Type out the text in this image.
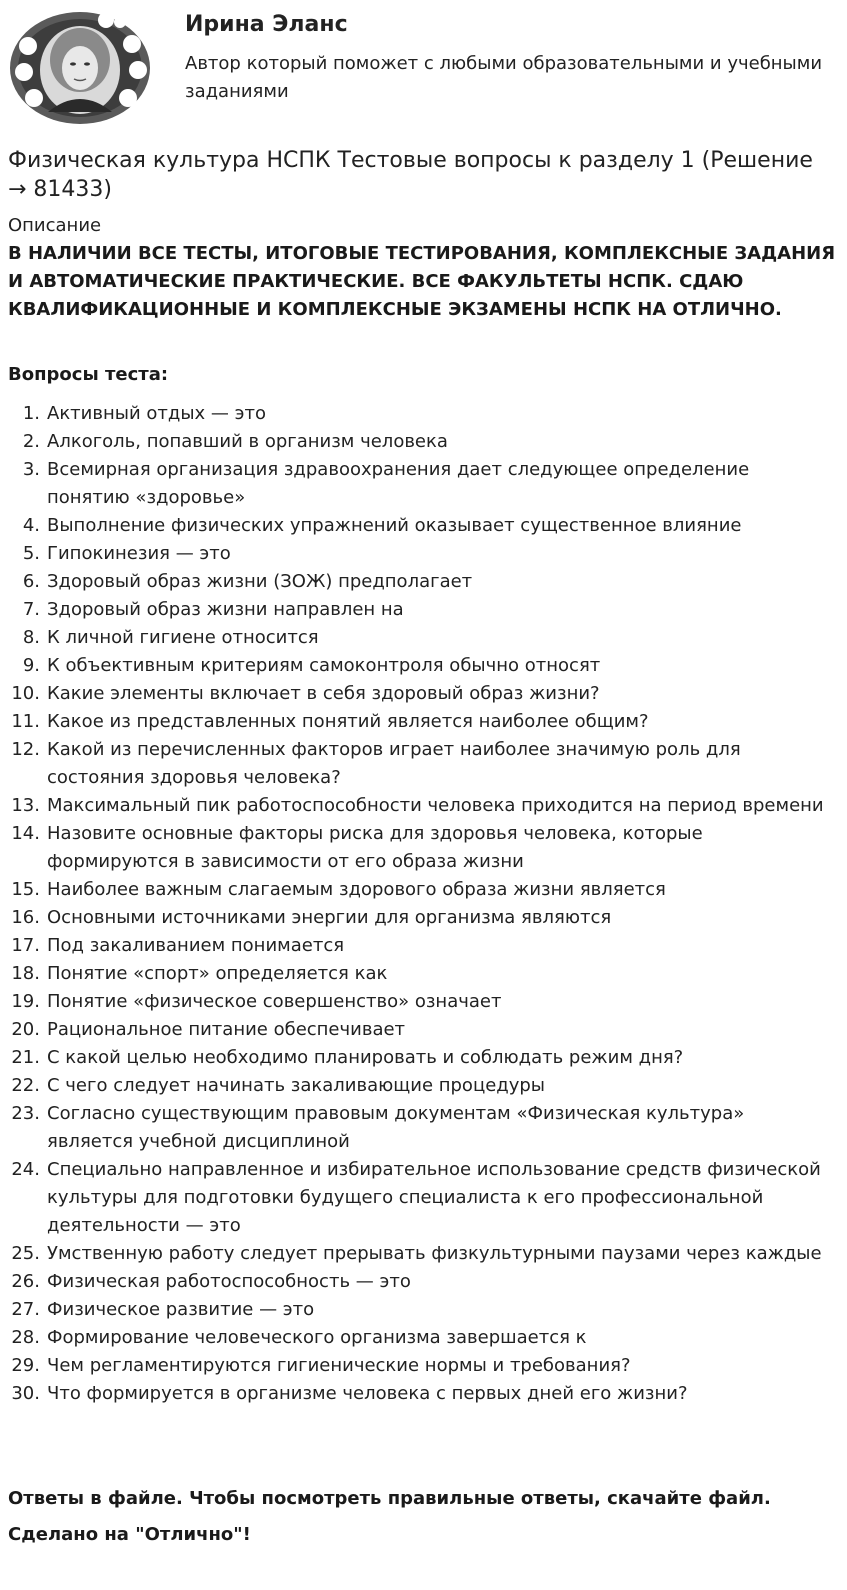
Ирина Эланс
Автор который поможет с любыми образовательными и учебными заданиями
Физическая культура НСПК Тестовые вопросы к разделу 1 (Решение → 81433)
Описание
В НАЛИЧИИ ВСЕ ТЕСТЫ, ИТОГОВЫЕ ТЕСТИРОВАНИЯ, КОМПЛЕКСНЫЕ ЗАДАНИЯ И АВТОМАТИЧЕСКИЕ ПРАКТИЧЕСКИЕ. ВСЕ ФАКУЛЬТЕТЫ НСПК. СДАЮ КВАЛИФИКАЦИОННЫЕ И КОМПЛЕКСНЫЕ ЭКЗАМЕНЫ НСПК НА ОТЛИЧНО.
Вопросы теста:
1. Активный отдых — это
2. Алкоголь, попавший в организм человека
3. Всемирная организация здравоохранения дает следующее определение понятию «здоровье»
4. Выполнение физических упражнений оказывает существенное влияние
5. Гипокинезия — это
6. Здоровый образ жизни (ЗОЖ) предполагает
7. Здоровый образ жизни направлен на
8. К личной гигиене относится
9. К объективным критериям самоконтроля обычно относят
10. Какие элементы включает в себя здоровый образ жизни?
11. Какое из представленных понятий является наиболее общим?
12. Какой из перечисленных факторов играет наиболее значимую роль для состояния здоровья человека?
13. Максимальный пик работоспособности человека приходится на период времени
14. Назовите основные факторы риска для здоровья человека, которые формируются в зависимости от его образа жизни
15. Наиболее важным слагаемым здорового образа жизни является
16. Основными источниками энергии для организма являются
17. Под закаливанием понимается
18. Понятие «спорт» определяется как
19. Понятие «физическое совершенство» означает
20. Рациональное питание обеспечивает
21. С какой целью необходимо планировать и соблюдать режим дня?
22. С чего следует начинать закаливающие процедуры
23. Согласно существующим правовым документам «Физическая культура» является учебной дисциплиной
24. Специально направленное и избирательное использование средств физической культуры для подготовки будущего специалиста к его профессиональной деятельности — это
25. Умственную работу следует прерывать физкультурными паузами через каждые
26. Физическая работоспособность — это
27. Физическое развитие — это
28. Формирование человеческого организма завершается к
29. Чем регламентируются гигиенические нормы и требования?
30. Что формируется в организме человека с первых дней его жизни?
Ответы в файле. Чтобы посмотреть правильные ответы, скачайте файл.
Сделано на "Отлично"!
